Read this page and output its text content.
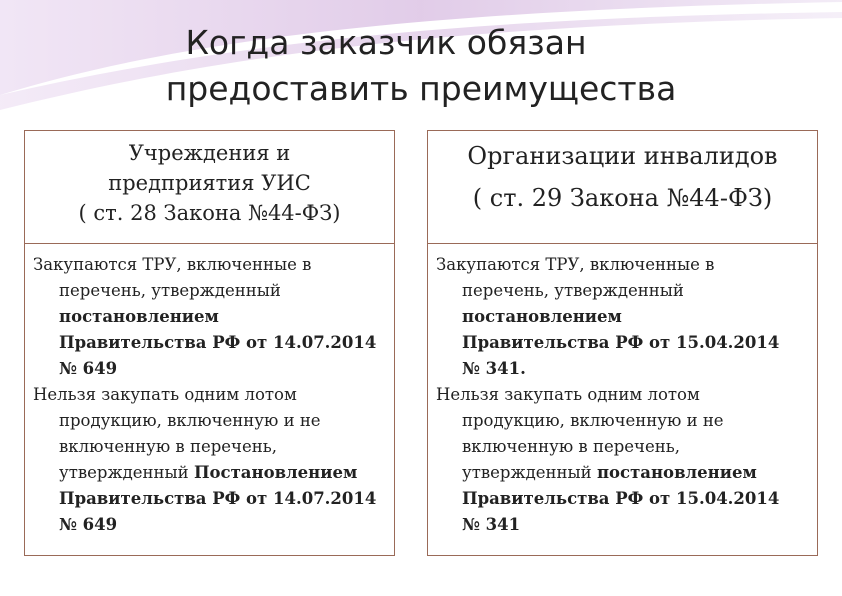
Когда заказчик обязан
предоставить преимущества
Учреждения и
предприятия УИС
( ст. 28 Закона №44-ФЗ)
Закупаются ТРУ, включенные в
перечень, утвержденный
постановлением
Правительства РФ от 14.07.2014
№ 649
Нельзя закупать одним лотом
продукцию, включенную и не
включенную в перечень,
утвержденный Постановлением
Правительства РФ от 14.07.2014
№ 649
Организации инвалидов
( ст. 29 Закона №44-ФЗ)
Закупаются ТРУ, включенные в
перечень, утвержденный
постановлением
Правительства РФ от 15.04.2014
№ 341.
Нельзя закупать одним лотом
продукцию, включенную и не
включенную в перечень,
утвержденный постановлением
Правительства РФ от 15.04.2014
№ 341
